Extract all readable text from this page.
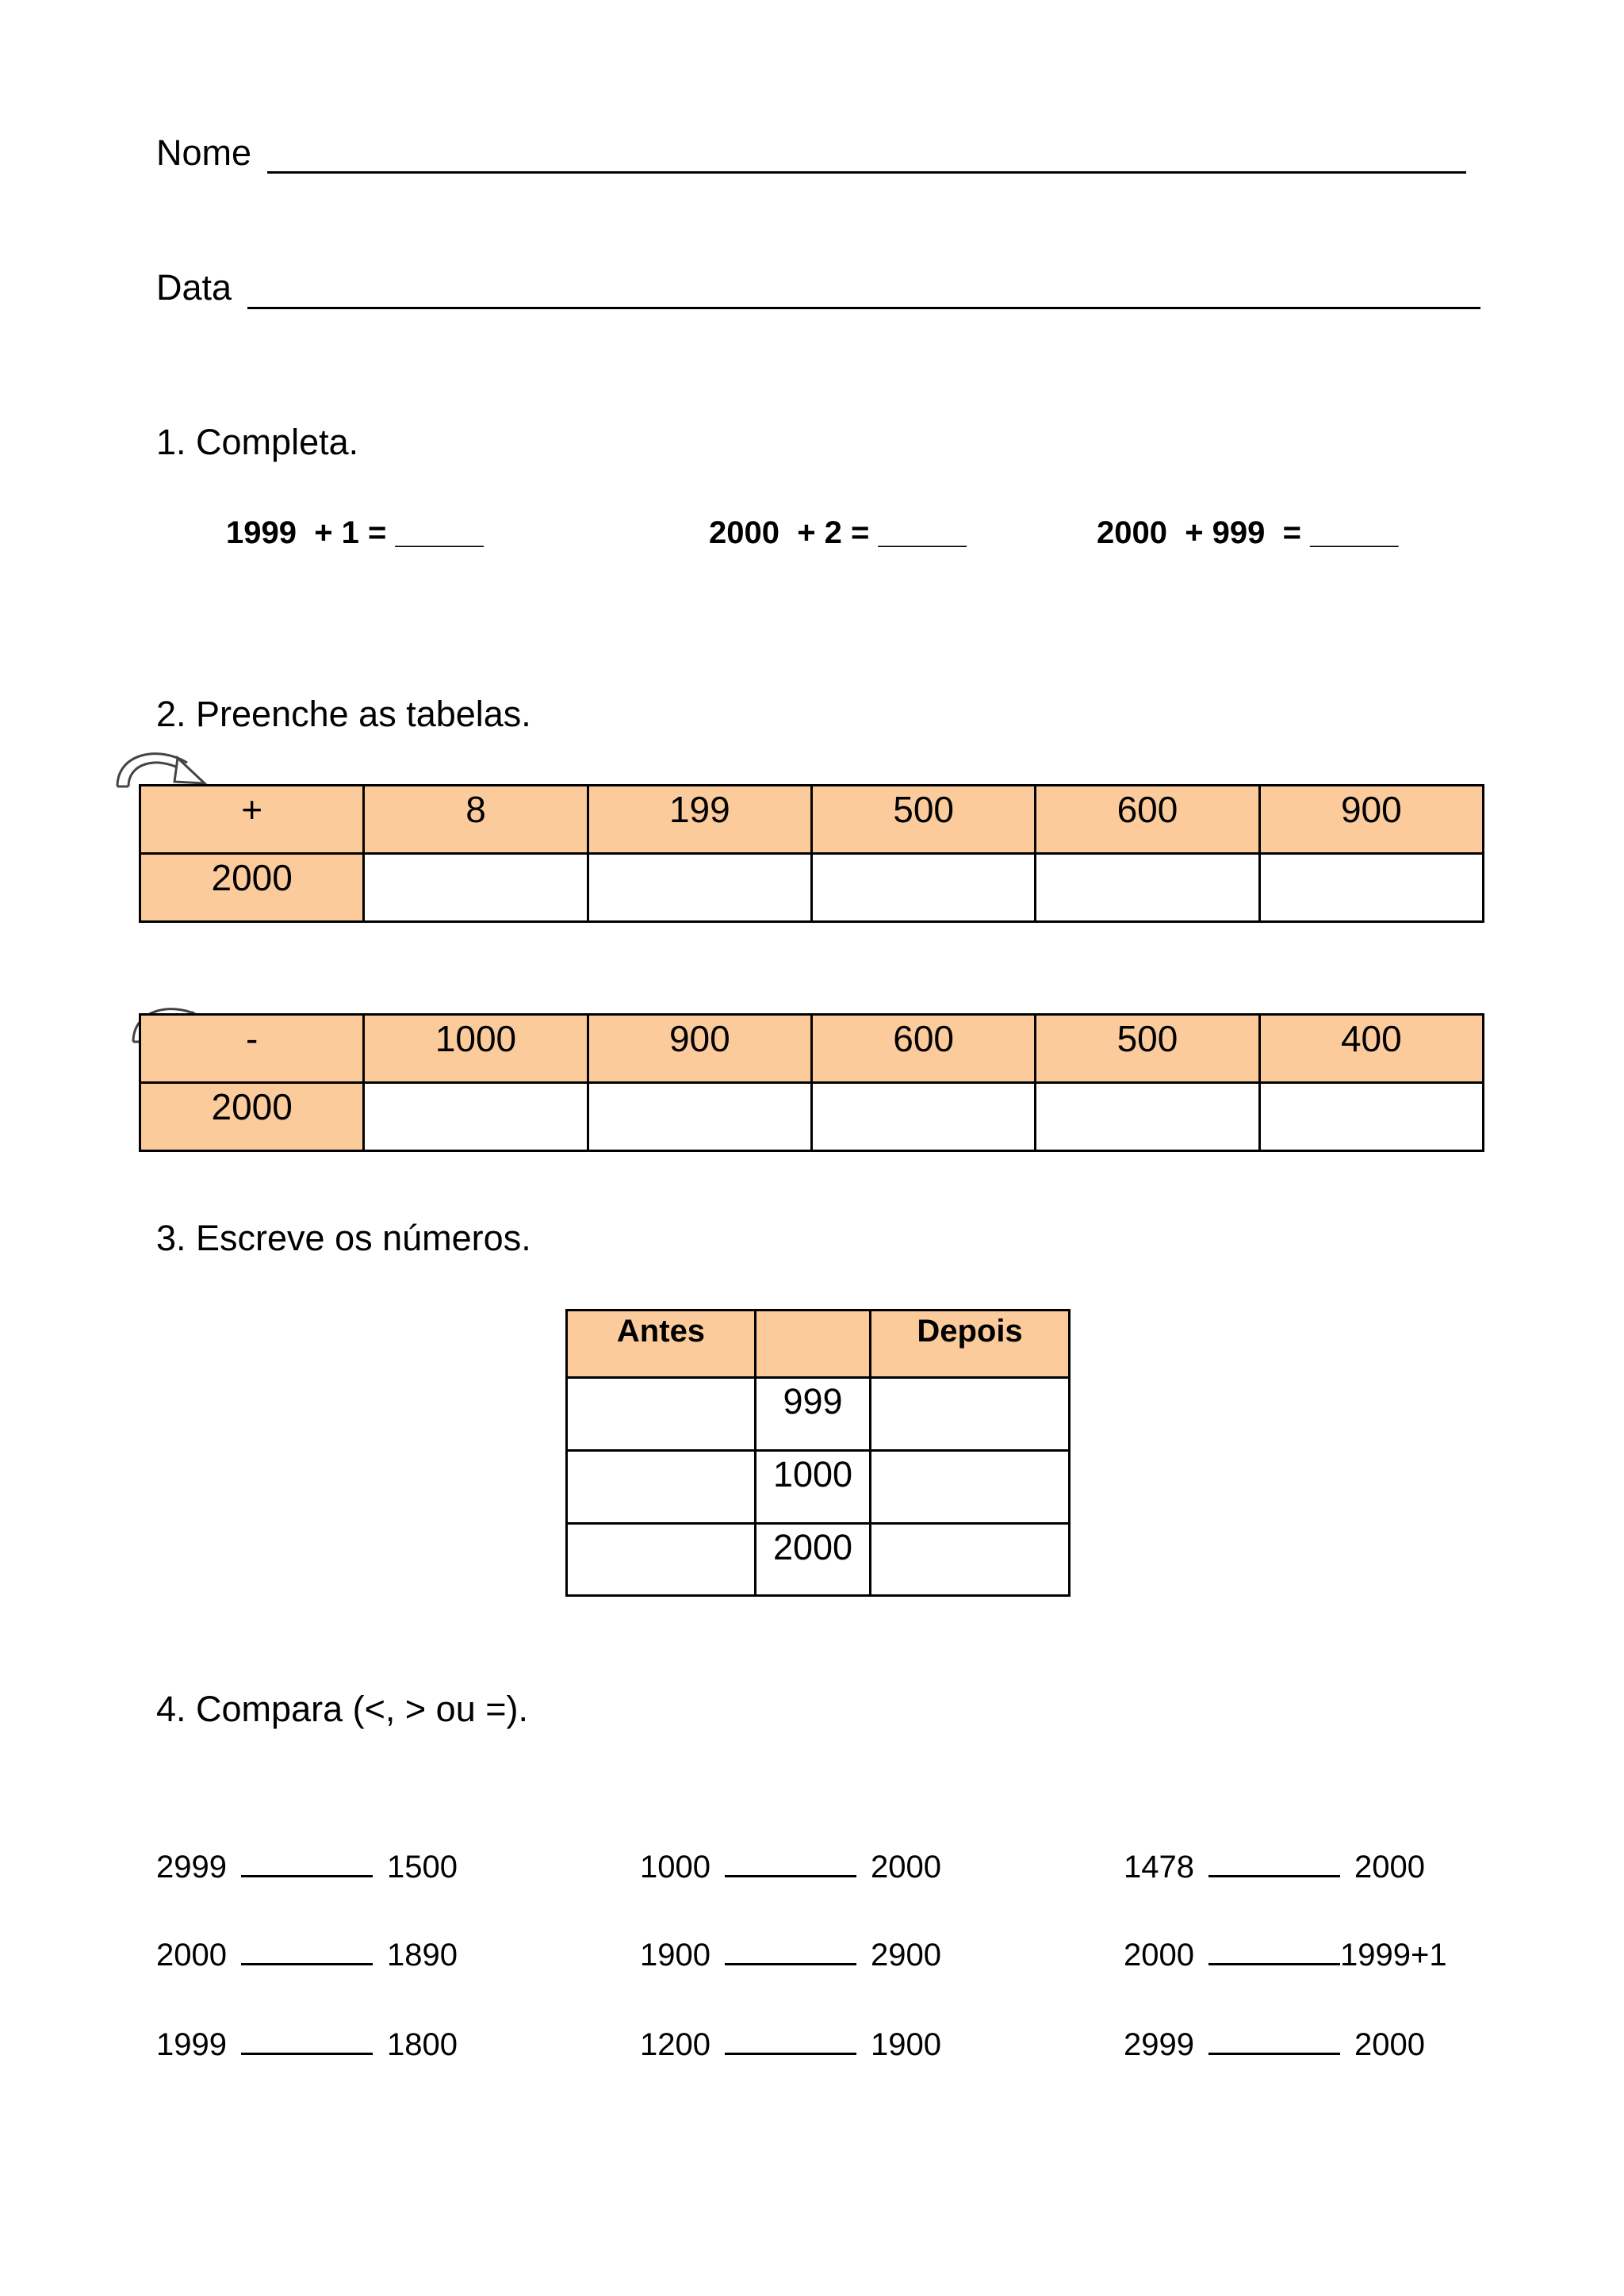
Nome
Data
1. Completa.
1999  + 1 = _____	2000  + 2 = _____	2000  + 999  = _____
2. Preenche as tabelas.
+	8	199	500	600	900
2000					
-	1000	900	600	500	400
2000					
3. Escreve os números.
Antes		Depois
	999	
	1000	
	2000	
4. Compara (<, > ou =).
2999	1500	1000	2000	1478	2000
2000	1890	1900	2900	2000	1999+1
1999	1800	1200	1900	2999	2000
